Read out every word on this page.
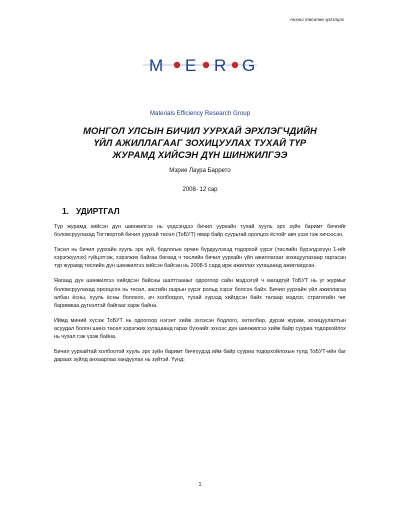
Анхны төсөлөө эргэлцэх
M E R G
Materials Efficiency Research Group
МОНГОЛ УЛСЫН БИЧИЛ УУРХАЙ ЭРХЛЭГЧДИЙН ҮЙЛ АЖИЛЛАГААГ ЗОХИЦУУЛАХ ТУХАЙ ТҮР ЖУРАМД ХИЙСЭН ДҮН ШИНЖИЛГЭЭ
Мэрие Лаура Баррето
2008- 12 сар
1. УДИРТГАЛ

Түр журамд хийсэн дүн шинжилгээ нь үндсэндээ бичил уурхайн тухай хууль эрх зүйн баримт бичгийг боловсруулахад Тогтвортой бичил уурхай төсөл (ТоБУТ) ямар байр суурьтай оролцох ёстойг авч үзэх гэж хичээсэн.

Төсөл нь бичил уурхайн хууль эрх зүй, бодлогын орчин бүрдүүлэхэд тодорхой үүрэг (төслийн бүрэлдэхүүн 1-ийг хэрэгжүүлэх) гүйцэтгэж, хэрэгжих байгаа бөгөөд ч төслийн бичил уурхайн үйл ажиллагааг зохицуулахаар гаргасан түр журамд төслийн дүн шинжилгээ хийсэн байсан нь 2008-5 сард ирж ажиллах хугацаанд ажиглагдсан.

Яагаад дүн шинжилгээ хийгдсэн байсны шалтгааныг одоогоор сайн мэдээгүй ч магадгүй ТоБУТ нь уг журмыг боловсруулахад оролцсон нь төсөл, засгийн газрын үүрэг рольд хэрэг болсон байх. Бичил уурхайн үйл ажиллагаа албан ёсны, хууль ёсны болохоо, ач холбогдол, тухай хүрээд хийгдсэн байх талаар мэдлэг, стратегийн чиг баримжаа дүгнэлтэй байгааг харж байна.

Иймд миний хүсэж ТоБУТ нь одоогоор нэгэнт хийж эхлэсэн бодлого, хөтөлбөр, дүрэм журам, зохицуулалтын асуудал болон шинэ төсөл хэрэгжих хугацаанд гарах бүхнийг эхнээс дүн шинжилгээ хийж байр сууриа тодорхойлох нь чухал гэж үзэж байна.

Бичил уурхайтай холбоотой хууль эрх зүйн баримт бичгүүдэд ийм байр сууриа тодорхойлохын тулд ТоБУТ-ийн баг дараах зүйлд анхаарлаа хандуулах нь зүйтэй. Үүнд:

1
